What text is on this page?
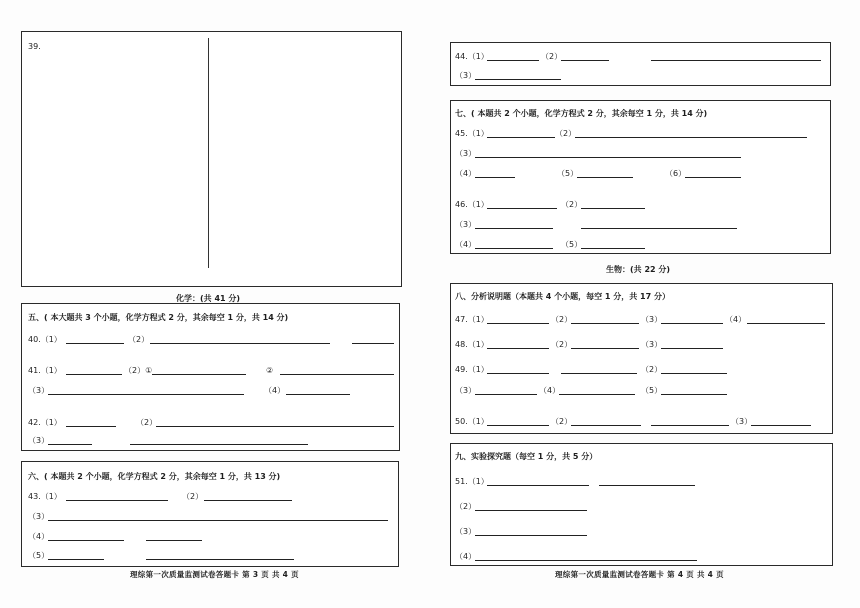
39.
化学：(共 41 分)
五、( 本大题共 3 个小题，化学方程式 2 分，其余每空 1 分，共 14 分)
40.（1）	（2）
41.（1）	（2）①	②
（3）	（4）
42.（1）	（2）
（3）
六、( 本题共 2 个小题，化学方程式 2 分，其余每空 1 分，共 13 分)
43.（1）	（2）
（3）
（4）
（5）
理综第一次质量监测试卷答题卡 第 3 页 共 4 页
44.（1）	（2）
（3）
七、( 本题共 2 个小题，化学方程式 2 分，其余每空 1 分，共 14 分)
45.（1）	（2）
（3）
（4）	（5）	（6）
46.（1）	（2）
（3）
（4）	（5）
生物：(共 22 分)
八、分析说明题（本题共 4 个小题，每空 1 分，共 17 分）
47.（1）	（2）	（3）	（4）
48.（1）	（2）	（3）
49.（1）	（2）
（3）	（4）	（5）
50.（1）	（2）	（3）
九、实验探究题（每空 1 分，共 5 分）
51.（1）
（2）
（3）
（4）
理综第一次质量监测试卷答题卡 第 4 页 共 4 页
